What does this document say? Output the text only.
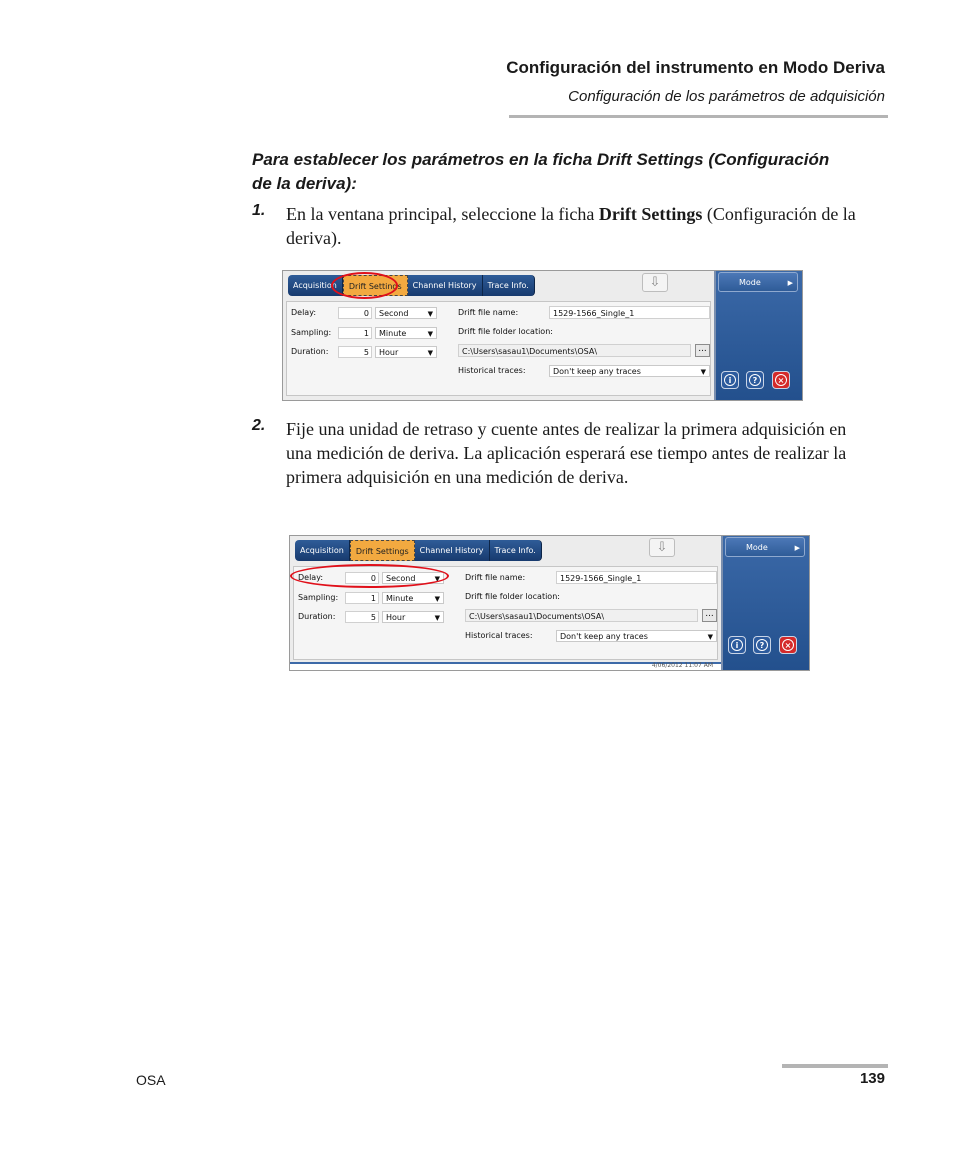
Configuración del instrumento en Modo Deriva
Configuración de los parámetros de adquisición
Para establecer los parámetros en la ficha Drift Settings (Configuración de la deriva):
1. En la ventana principal, seleccione la ficha Drift Settings (Configuración de la deriva).
Acquisition	Drift Settings	Channel History	Trace Info.	⇩
Delay:	0	Second	▼
Sampling:	1	Minute	▼
Duration:	5	Hour	▼
Drift file name:	1529-1566_Single_1
Drift file folder location:
C:\Users\sasau1\Documents\OSA\	...
Historical traces:	Don't keep any traces	▼
Mode	▶
i	?	×
2. Fije una unidad de retraso y cuente antes de realizar la primera adquisición en una medición de deriva. La aplicación esperará ese tiempo antes de realizar la primera adquisición en una medición de deriva.
Acquisition	Drift Settings	Channel History	Trace Info.	⇩
Delay:	0	Second	▼
Sampling:	1	Minute	▼
Duration:	5	Hour	▼
Drift file name:	1529-1566_Single_1
Drift file folder location:
C:\Users\sasau1\Documents\OSA\	...
Historical traces:	Don't keep any traces	▼
4/06/2012 11:07 AM
Mode	▶
i	?	×
OSA	139
